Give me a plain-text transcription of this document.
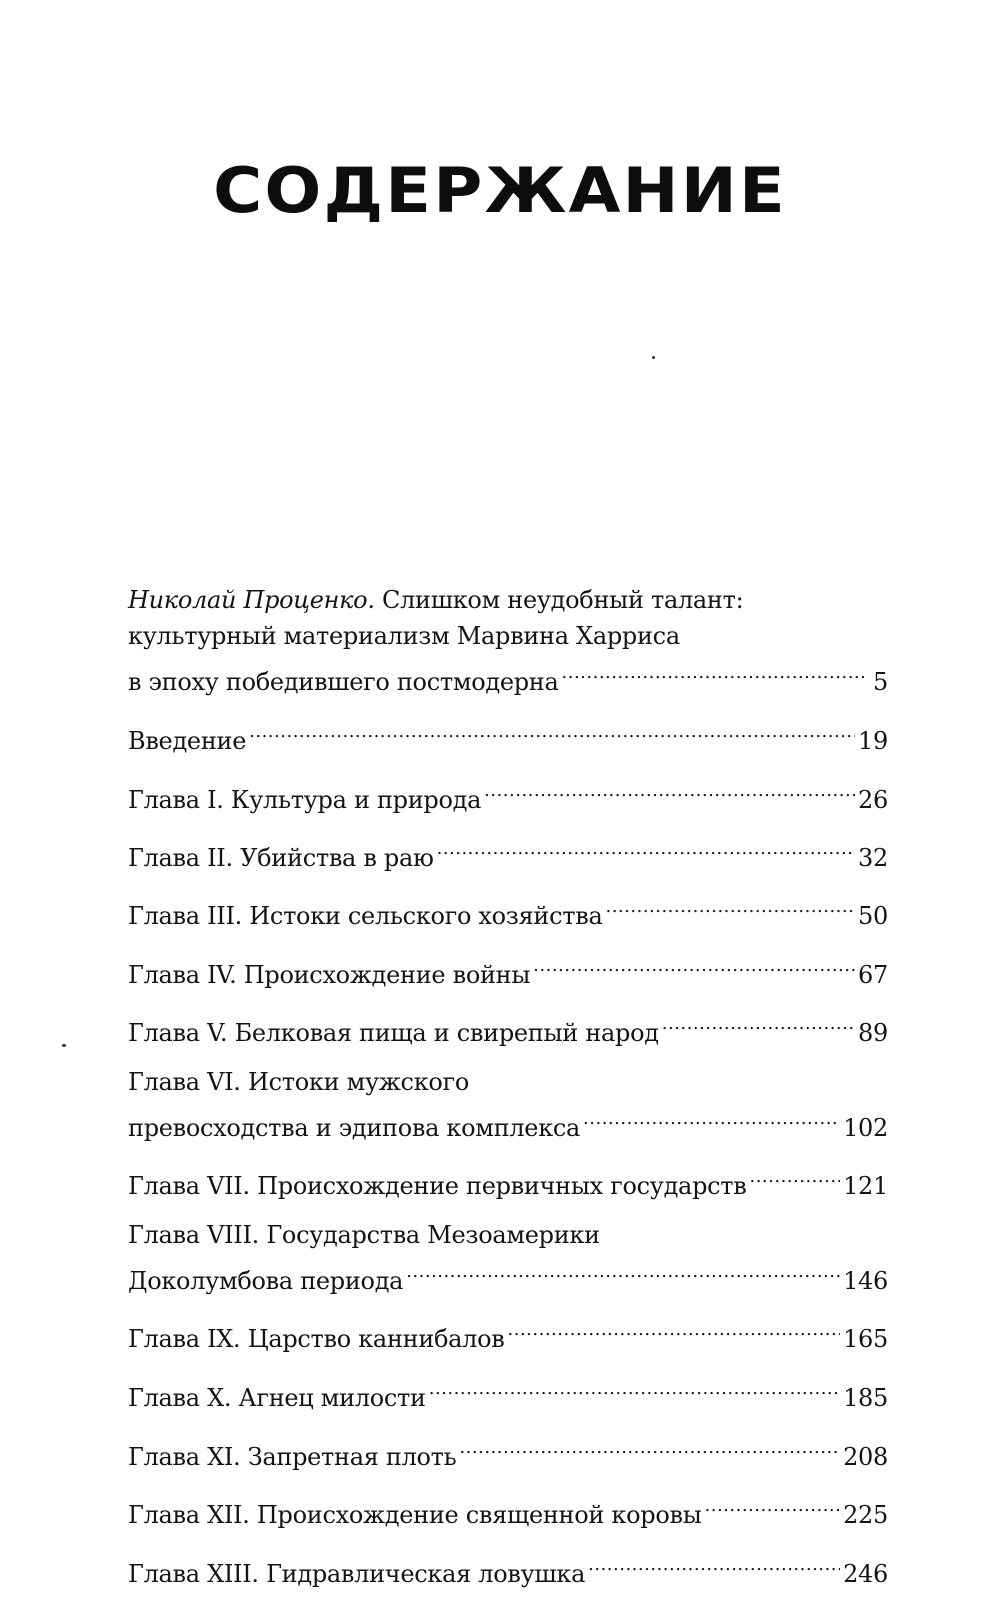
СОДЕРЖАНИЕ
Николай Проценко. Слишком неудобный талант:
культурный материализм Марвина Харриса
в эпоху победившего постмодерна .....	5
Введение .....	19
Глава I. Культура и природа .....	26
Глава II. Убийства в раю .....	32
Глава III. Истоки сельского хозяйства .....	50
Глава IV. Происхождение войны .....	67
Глава V. Белковая пища и свирепый народ .....	89
Глава VI. Истоки мужского
превосходства и эдипова комплекса .....	102
Глава VII. Происхождение первичных государств .....	121
Глава VIII. Государства Мезоамерики
Доколумбова периода .....	146
Глава IX. Царство каннибалов .....	165
Глава X. Агнец милости .....	185
Глава XI. Запретная плоть .....	208
Глава XII. Происхождение священной коровы .....	225
Глава XIII. Гидравлическая ловушка .....	246
